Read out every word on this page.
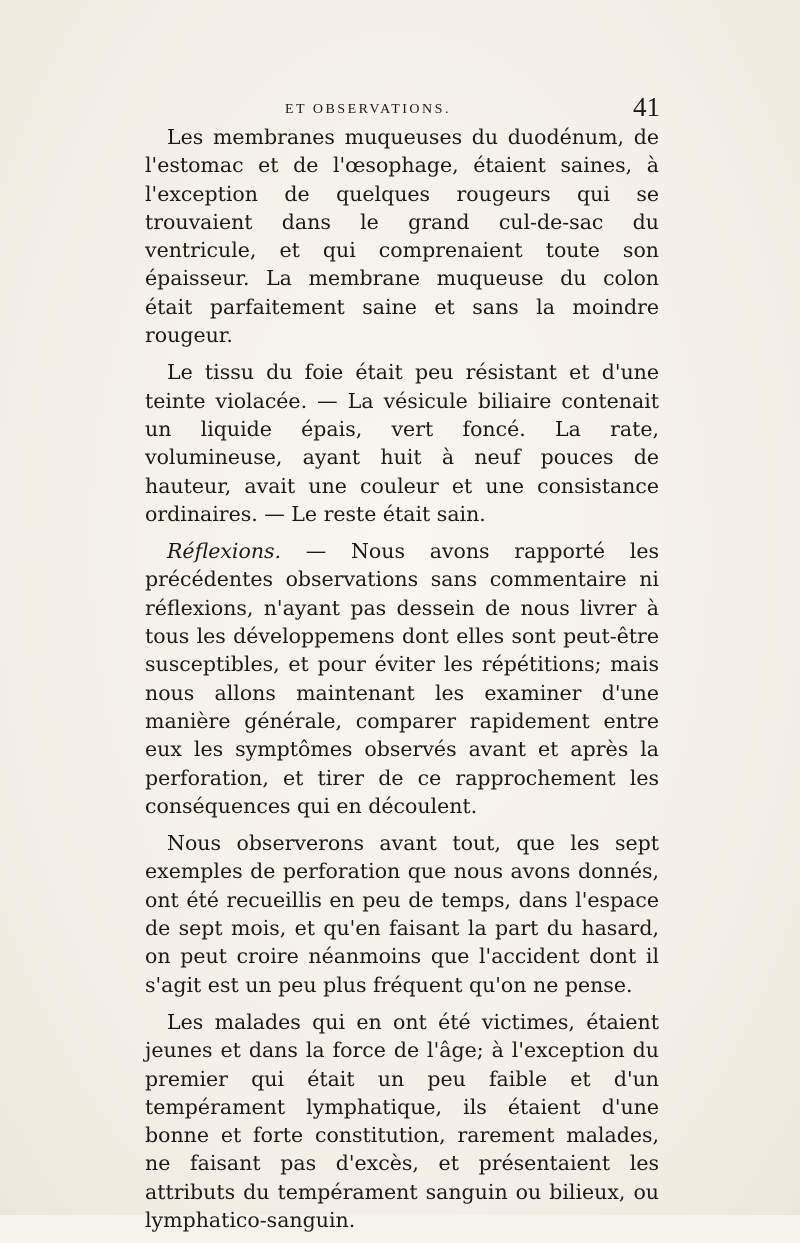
ET OBSERVATIONS.	41

Les membranes muqueuses du duodénum, de l'estomac et de l'œsophage, étaient saines, à l'exception de quelques rougeurs qui se trouvaient dans le grand cul-de-sac du ventricule, et qui comprenaient toute son épaisseur. La membrane muqueuse du colon était parfaitement saine et sans la moindre rougeur.

Le tissu du foie était peu résistant et d'une teinte violacée. — La vésicule biliaire contenait un liquide épais, vert foncé. La rate, volumineuse, ayant huit à neuf pouces de hauteur, avait une couleur et une consistance ordinaires. — Le reste était sain.

Réflexions. — Nous avons rapporté les précédentes observations sans commentaire ni réflexions, n'ayant pas dessein de nous livrer à tous les développemens dont elles sont peut-être susceptibles, et pour éviter les répétitions; mais nous allons maintenant les examiner d'une manière générale, comparer rapidement entre eux les symptômes observés avant et après la perforation, et tirer de ce rapprochement les conséquences qui en découlent.

Nous observerons avant tout, que les sept exemples de perforation que nous avons donnés, ont été recueillis en peu de temps, dans l'espace de sept mois, et qu'en faisant la part du hasard, on peut croire néanmoins que l'accident dont il s'agit est un peu plus fréquent qu'on ne pense.

Les malades qui en ont été victimes, étaient jeunes et dans la force de l'âge; à l'exception du premier qui était un peu faible et d'un tempérament lymphatique, ils étaient d'une bonne et forte constitution, rarement malades, ne faisant pas d'excès, et présentaient les attributs du tempérament sanguin ou bilieux, ou lymphatico-sanguin.
